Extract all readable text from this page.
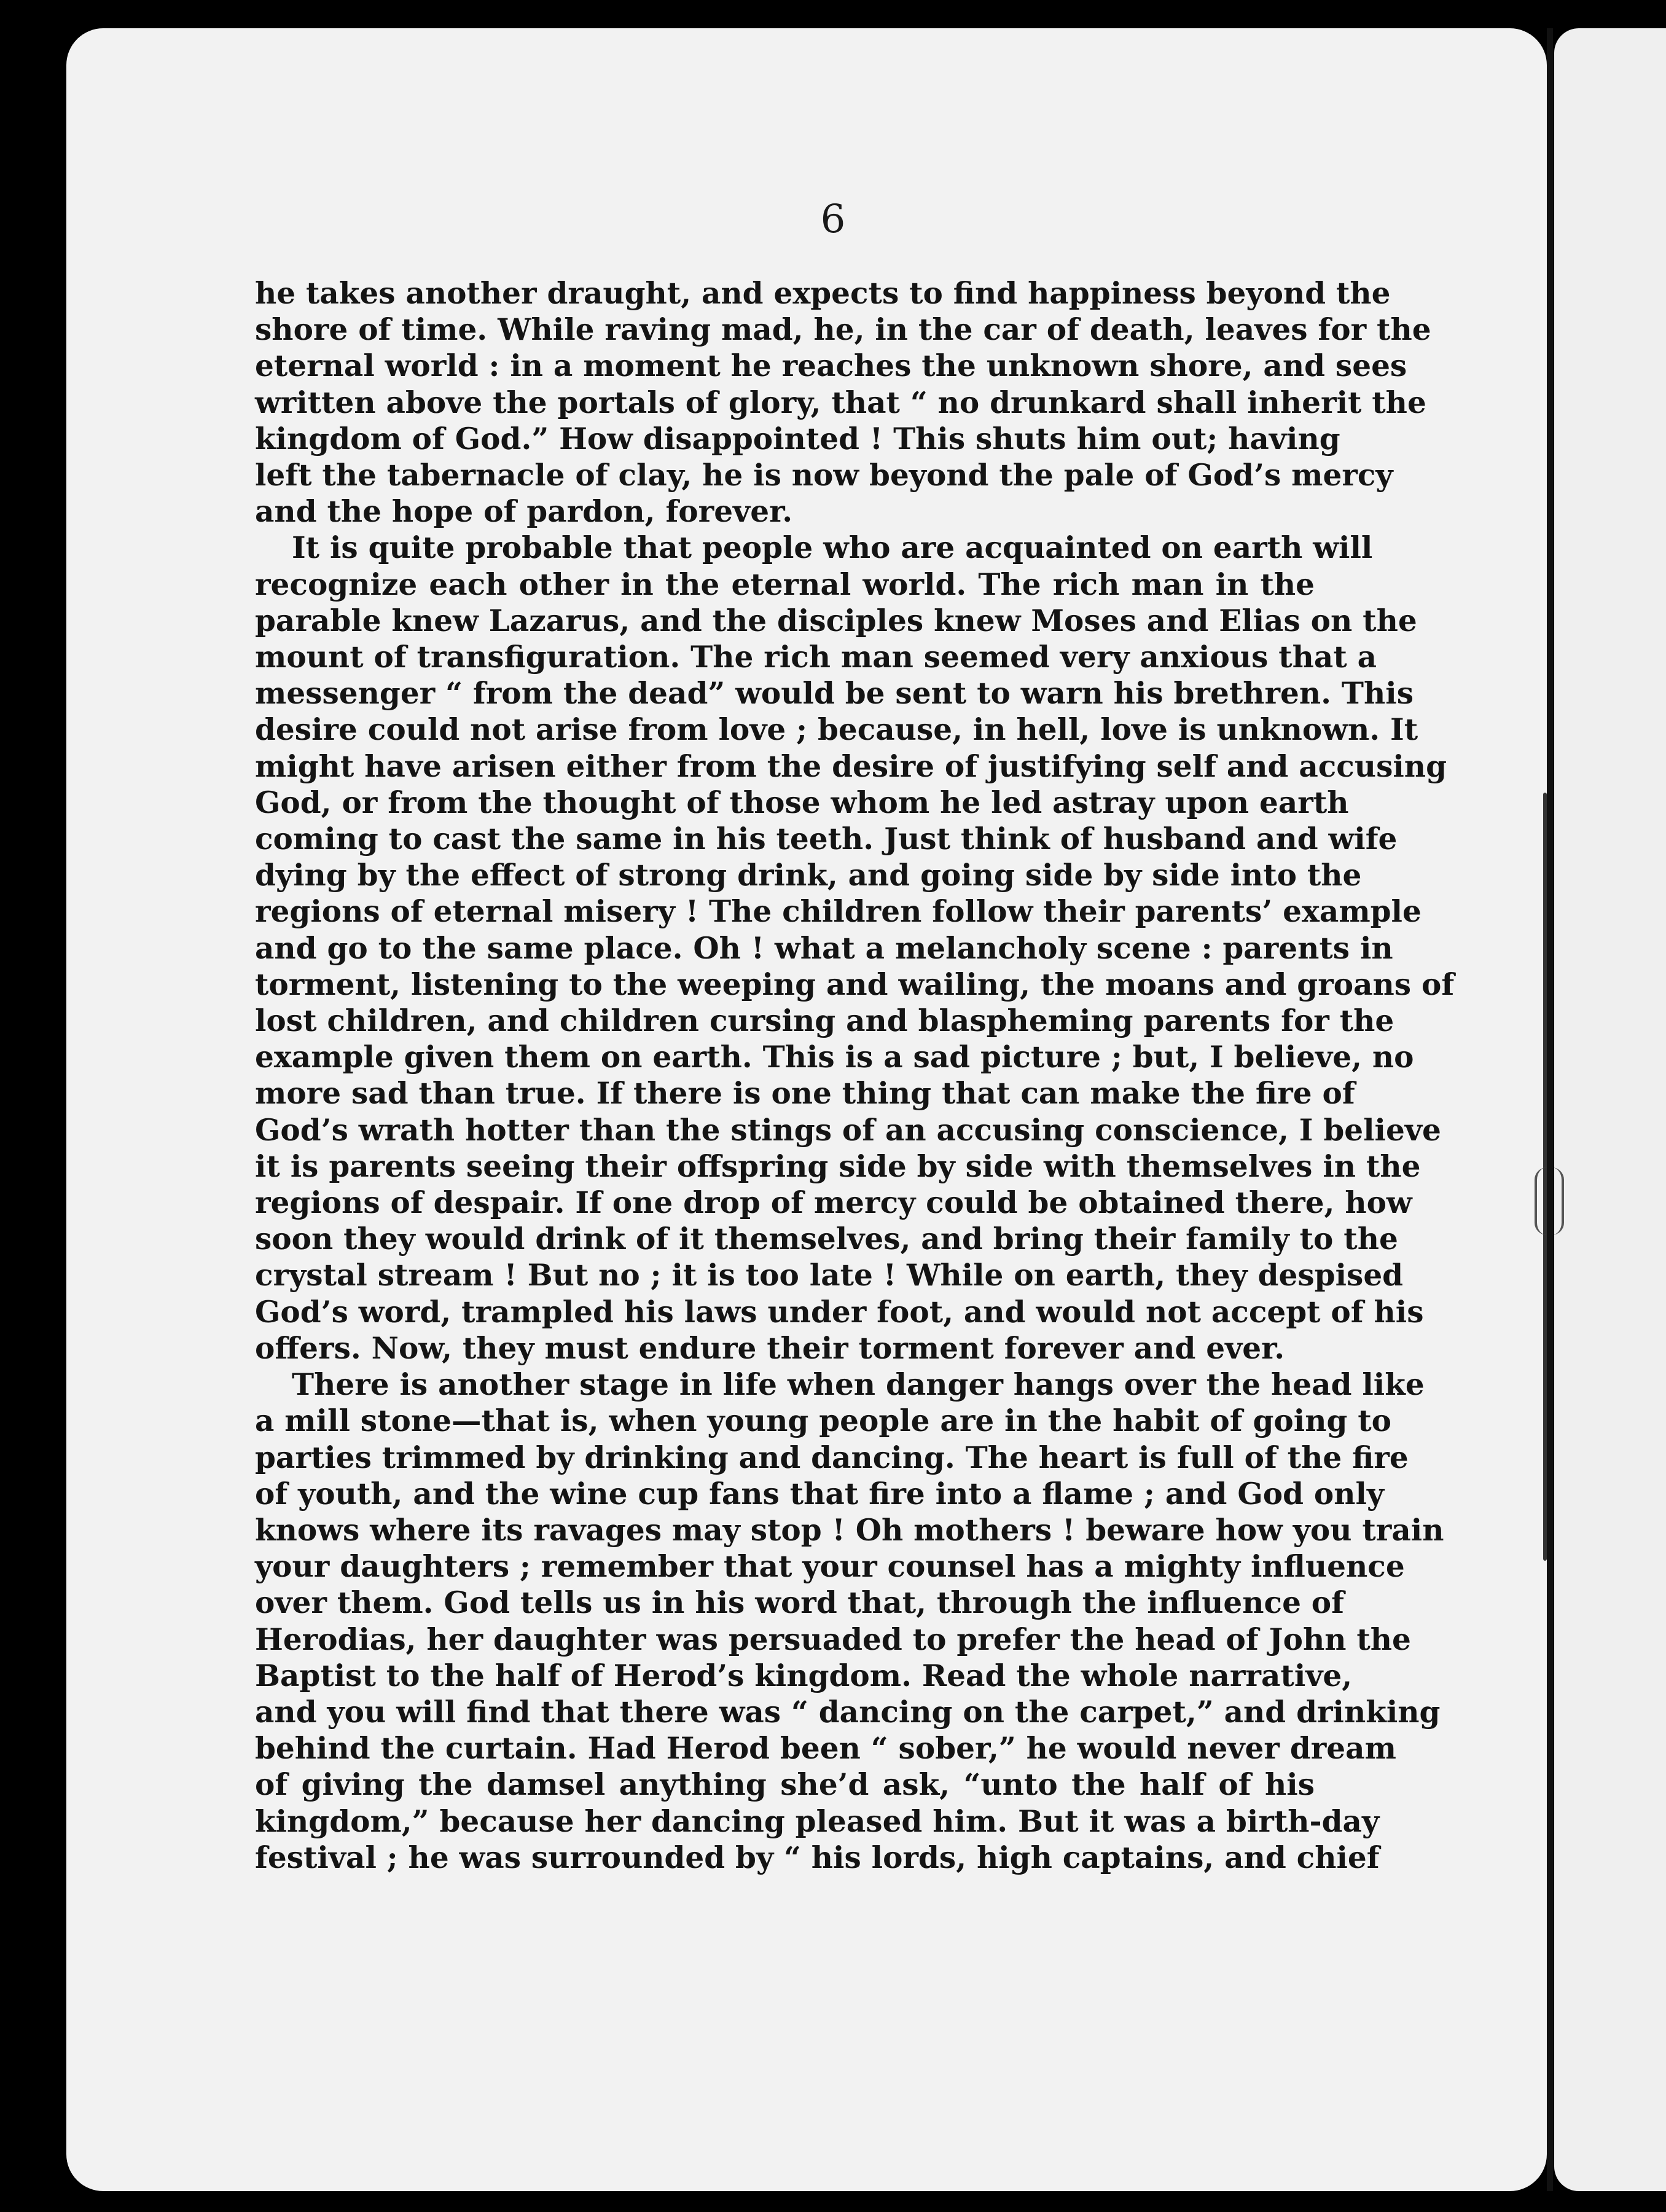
6
he takes another draught, and expects to find happiness beyond the
shore of time. While raving mad, he, in the car of death, leaves for the
eternal world : in a moment he reaches the unknown shore, and sees
written above the portals of glory, that “ no drunkard shall inherit the
kingdom of God.” How disappointed ! This shuts him out; having
left the tabernacle of clay, he is now beyond the pale of God’s mercy
and the hope of pardon, forever.
It is quite probable that people who are acquainted on earth will
recognize each other in the eternal world. The rich man in the
parable knew Lazarus, and the disciples knew Moses and Elias on the
mount of transfiguration. The rich man seemed very anxious that a
messenger “ from the dead” would be sent to warn his brethren. This
desire could not arise from love ; because, in hell, love is unknown. It
might have arisen either from the desire of justifying self and accusing
God, or from the thought of those whom he led astray upon earth
coming to cast the same in his teeth. Just think of husband and wife
dying by the effect of strong drink, and going side by side into the
regions of eternal misery ! The children follow their parents’ example
and go to the same place. Oh ! what a melancholy scene : parents in
torment, listening to the weeping and wailing, the moans and groans of
lost children, and children cursing and blaspheming parents for the
example given them on earth. This is a sad picture ; but, I believe, no
more sad than true. If there is one thing that can make the fire of
God’s wrath hotter than the stings of an accusing conscience, I believe
it is parents seeing their offspring side by side with themselves in the
regions of despair. If one drop of mercy could be obtained there, how
soon they would drink of it themselves, and bring their family to the
crystal stream ! But no ; it is too late ! While on earth, they despised
God’s word, trampled his laws under foot, and would not accept of his
offers. Now, they must endure their torment forever and ever.
There is another stage in life when danger hangs over the head like
a mill stone—that is, when young people are in the habit of going to
parties trimmed by drinking and dancing. The heart is full of the fire
of youth, and the wine cup fans that fire into a flame ; and God only
knows where its ravages may stop ! Oh mothers ! beware how you train
your daughters ; remember that your counsel has a mighty influence
over them. God tells us in his word that, through the influence of
Herodias, her daughter was persuaded to prefer the head of John the
Baptist to the half of Herod’s kingdom. Read the whole narrative,
and you will find that there was “ dancing on the carpet,” and drinking
behind the curtain. Had Herod been “ sober,” he would never dream
of giving the damsel anything she’d ask, “unto the half of his
kingdom,” because her dancing pleased him. But it was a birth-day
festival ; he was surrounded by “ his lords, high captains, and chief
